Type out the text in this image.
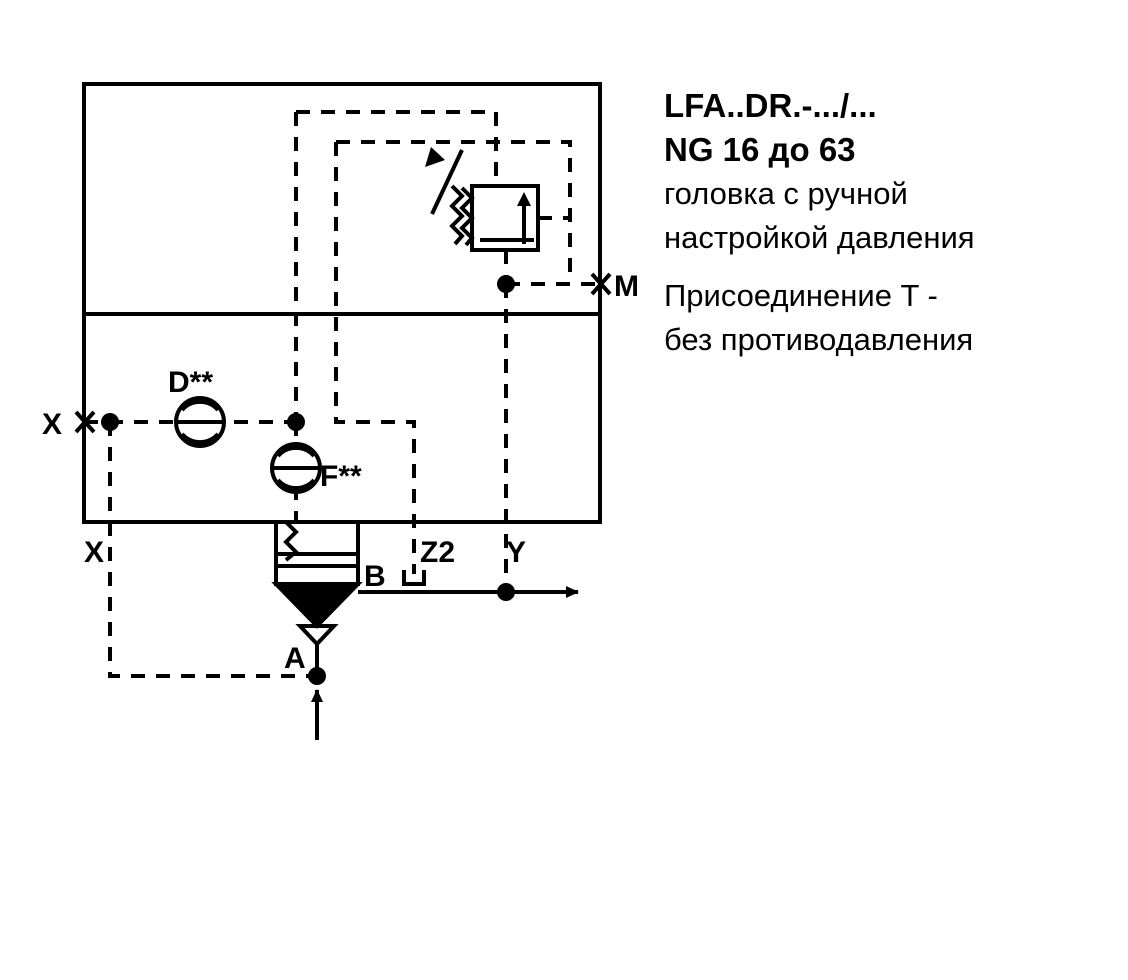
X
X
M
Y
A
B
Z2
D**
F**
LFA..DR.-.../...
NG 16 до 63
головка с ручной
настройкой давления
Присоединение T -
без противодавления
